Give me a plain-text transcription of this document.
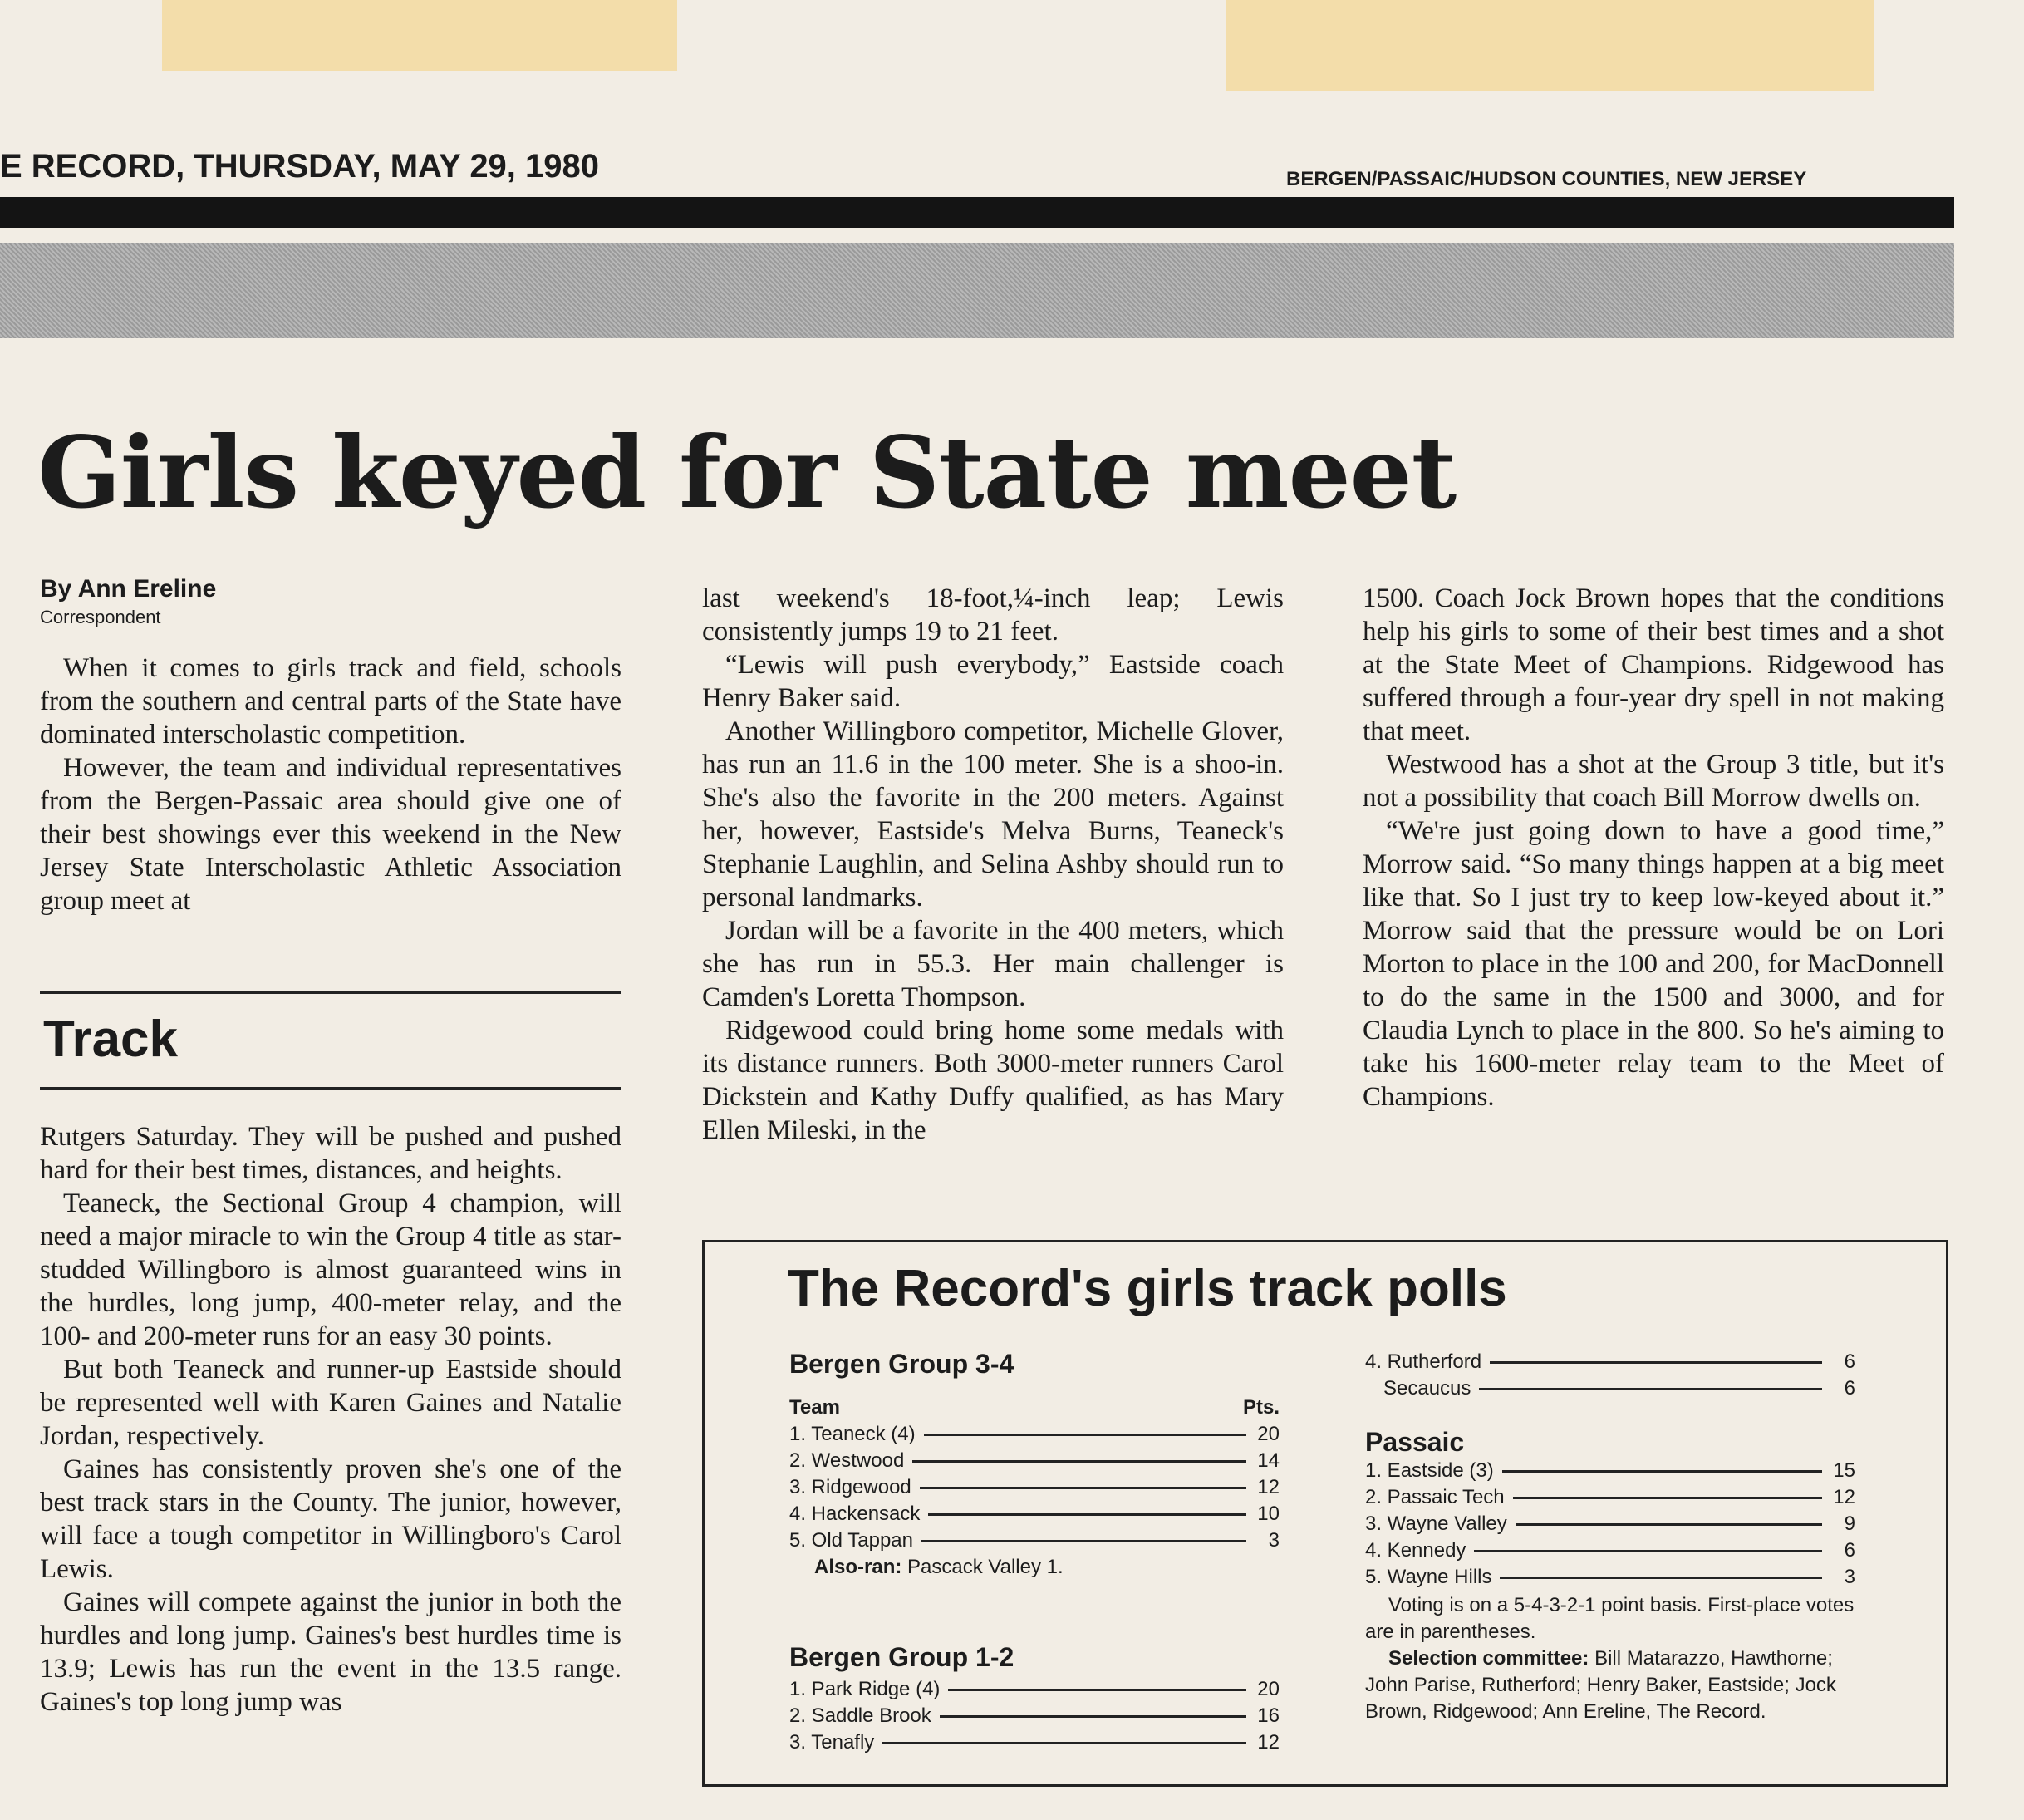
E RECORD, THURSDAY, MAY 29, 1980	BERGEN/PASSAIC/HUDSON COUNTIES, NEW JERSEY
Girls keyed for State meet
By Ann Ereline
Correspondent

When it comes to girls track and field, schools from the southern and central parts of the State have dominated interscholastic competition.

However, the team and individual representatives from the Bergen-Passaic area should give one of their best showings ever this weekend in the New Jersey State Interscholastic Athletic Association group meet at

Track

Rutgers Saturday. They will be pushed and pushed hard for their best times, distances, and heights.

Teaneck, the Sectional Group 4 champion, will need a major miracle to win the Group 4 title as star-studded Willingboro is almost guaranteed wins in the hurdles, long jump, 400-meter relay, and the 100- and 200-meter runs for an easy 30 points.

But both Teaneck and runner-up Eastside should be represented well with Karen Gaines and Natalie Jordan, respectively.

Gaines has consistently proven she's one of the best track stars in the County. The junior, however, will face a tough competitor in Willingboro's Carol Lewis.

Gaines will compete against the junior in both the hurdles and long jump. Gaines's best hurdles time is 13.9; Lewis has run the event in the 13.5 range. Gaines's top long jump was

last weekend's 18-foot,¼-inch leap; Lewis consistently jumps 19 to 21 feet.

“Lewis will push everybody,” Eastside coach Henry Baker said.

Another Willingboro competitor, Michelle Glover, has run an 11.6 in the 100 meter. She is a shoo-in. She's also the favorite in the 200 meters. Against her, however, Eastside's Melva Burns, Teaneck's Stephanie Laughlin, and Selina Ashby should run to personal landmarks.

Jordan will be a favorite in the 400 meters, which she has run in 55.3. Her main challenger is Camden's Loretta Thompson.

Ridgewood could bring home some medals with its distance runners. Both 3000-meter runners Carol Dickstein and Kathy Duffy qualified, as has Mary Ellen Mileski, in the

1500. Coach Jock Brown hopes that the conditions help his girls to some of their best times and a shot at the State Meet of Champions. Ridgewood has suffered through a four-year dry spell in not making that meet.

Westwood has a shot at the Group 3 title, but it's not a possibility that coach Bill Morrow dwells on.

“We're just going down to have a good time,” Morrow said. “So many things happen at a big meet like that. So I just try to keep low-keyed about it.” Morrow said that the pressure would be on Lori Morton to place in the 100 and 200, for MacDonnell to do the same in the 1500 and 3000, and for Claudia Lynch to place in the 800. So he's aiming to take his 1600-meter relay team to the Meet of Champions.

The Record's girls track polls
Bergen Group 3-4
Team	Pts.
1. Teaneck (4)	20
2. Westwood	14
3. Ridgewood	12
4. Hackensack	10
5. Old Tappan	3
Also-ran: Pascack Valley 1.
Bergen Group 1-2
1. Park Ridge (4)	20
2. Saddle Brook	16
3. Tenafly	12
4. Rutherford	6
Secaucus	6
Passaic
1. Eastside (3)	15
2. Passaic Tech	12
3. Wayne Valley	9
4. Kennedy	6
5. Wayne Hills	3
Voting is on a 5-4-3-2-1 point basis. First-place votes are in parentheses.
Selection committee: Bill Matarazzo, Hawthorne; John Parise, Rutherford; Henry Baker, Eastside; Jock Brown, Ridgewood; Ann Ereline, The Record.
